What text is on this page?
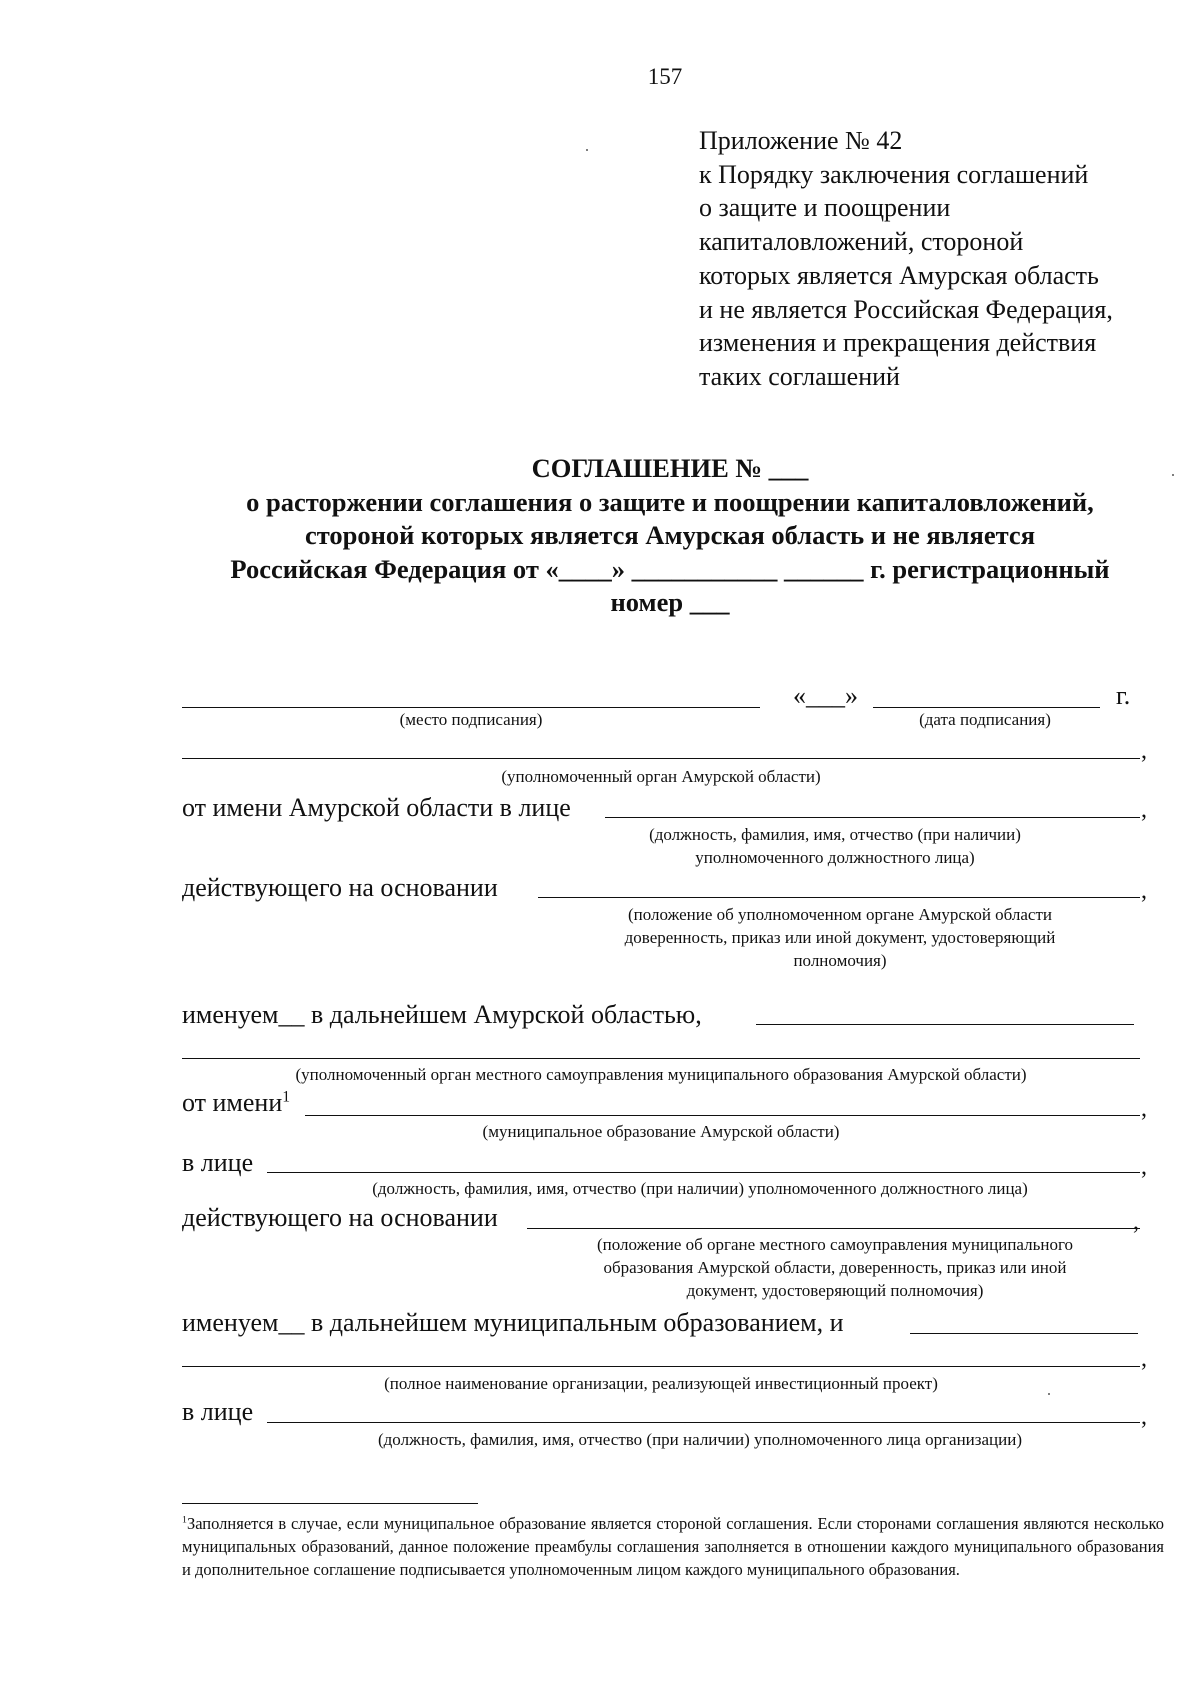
157
Приложение № 42
к Порядку заключения соглашений
о защите и поощрении
капиталовложений, стороной
которых является Амурская область
и не является Российская Федерация,
изменения и прекращения действия
таких соглашений
СОГЛАШЕНИЕ № ___
о расторжении соглашения о защите и поощрении капиталовложений,
стороной которых является Амурская область и не является
Российская Федерация от «____» ___________ ______ г. регистрационный
номер ___
«___»	г.
(место подписания)	(дата подписания)
,
(уполномоченный орган Амурской области)
от имени Амурской области в лице	,
(должность, фамилия, имя, отчество (при наличии)
уполномоченного должностного лица)
действующего на основании	,
(положение об уполномоченном органе Амурской области
доверенность, приказ или иной документ, удостоверяющий
полномочия)
именуем__ в дальнейшем Амурской областью,
(уполномоченный орган местного самоуправления муниципального образования Амурской области)
от имени$^1$	,
(муниципальное образование Амурской области)
в лице	,
(должность, фамилия, имя, отчество (при наличии) уполномоченного должностного лица)
действующего на основании	,
(положение об органе местного самоуправления муниципального
образования Амурской области, доверенность, приказ или иной
документ, удостоверяющий полномочия)
именуем__ в дальнейшем муниципальным образованием, и
,
(полное наименование организации, реализующей инвестиционный проект)
в лице	,
(должность, фамилия, имя, отчество (при наличии) уполномоченного лица организации)
$^1$Заполняется в случае, если муниципальное образование является стороной соглашения. Если сторонами соглашения являются несколько муниципальных образований, данное положение преамбулы соглашения заполняется в отношении каждого муниципального образования и дополнительное соглашение подписывается уполномоченным лицом каждого муниципального образования.
